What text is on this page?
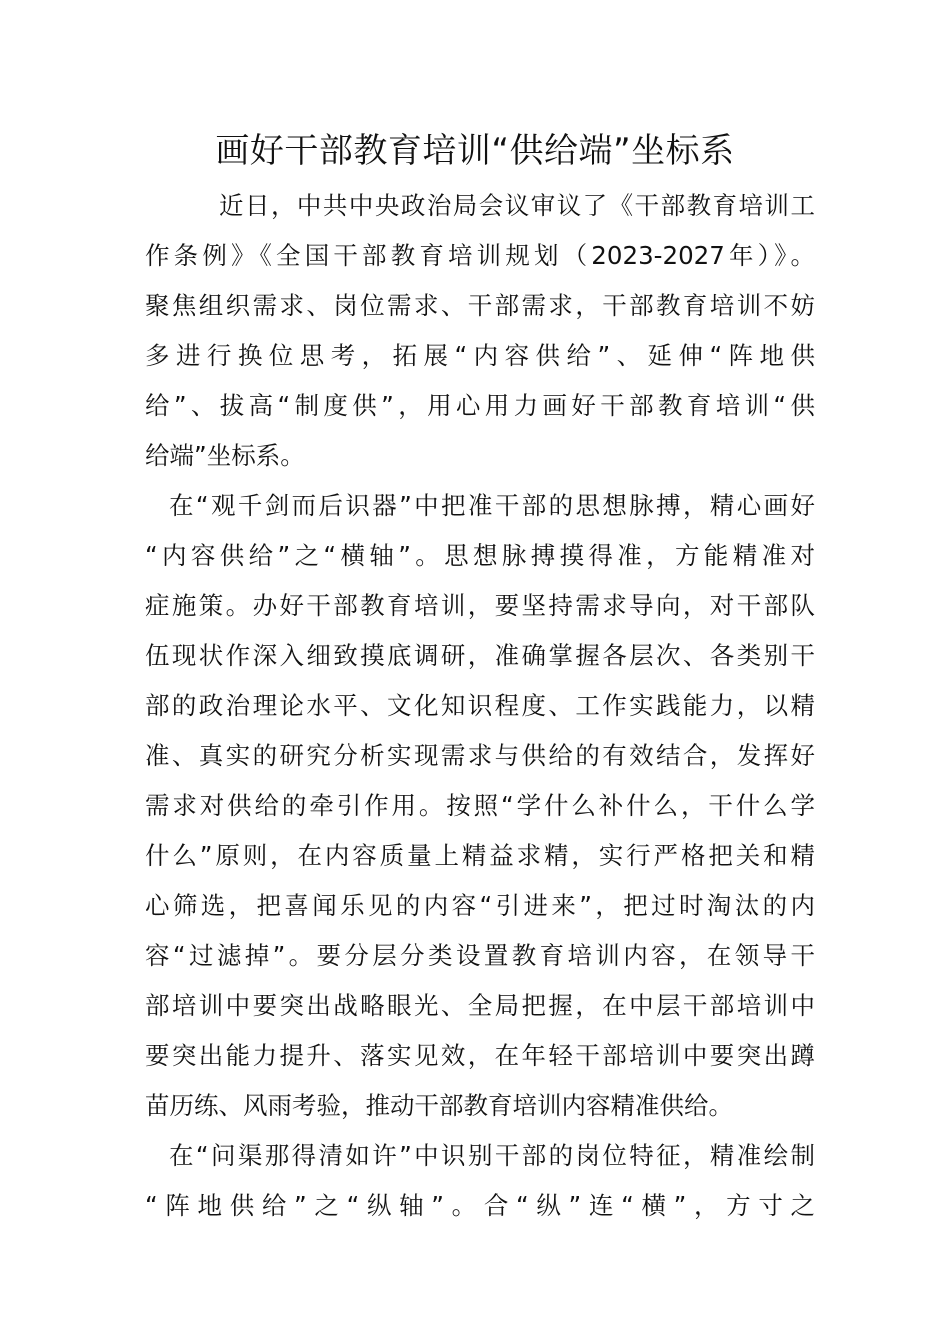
画好干部教育培训“供给端”坐标系
近日，中共中央政治局会议审议了《干部教育培训工
作条例》《全国干部教育培训规划（2023-2027年）》。
聚焦组织需求、岗位需求、干部需求，干部教育培训不妨
多进行换位思考，拓展“内容供给”、延伸“阵地供
给”、拔高“制度供”，用心用力画好干部教育培训“供
给端”坐标系。
在“观千剑而后识器”中把准干部的思想脉搏，精心画好
“内容供给”之“横轴”。思想脉搏摸得准，方能精准对
症施策。办好干部教育培训，要坚持需求导向，对干部队
伍现状作深入细致摸底调研，准确掌握各层次、各类别干
部的政治理论水平、文化知识程度、工作实践能力，以精
准、真实的研究分析实现需求与供给的有效结合，发挥好
需求对供给的牵引作用。按照“学什么补什么，干什么学
什么”原则，在内容质量上精益求精，实行严格把关和精
心筛选，把喜闻乐见的内容“引进来”，把过时淘汰的内
容“过滤掉”。要分层分类设置教育培训内容，在领导干
部培训中要突出战略眼光、全局把握，在中层干部培训中
要突出能力提升、落实见效，在年轻干部培训中要突出蹲
苗历练、风雨考验，推动干部教育培训内容精准供给。
在“问渠那得清如许”中识别干部的岗位特征，精准绘制
“阵地供给”之“纵轴”。合“纵”连“横”，方寸之
